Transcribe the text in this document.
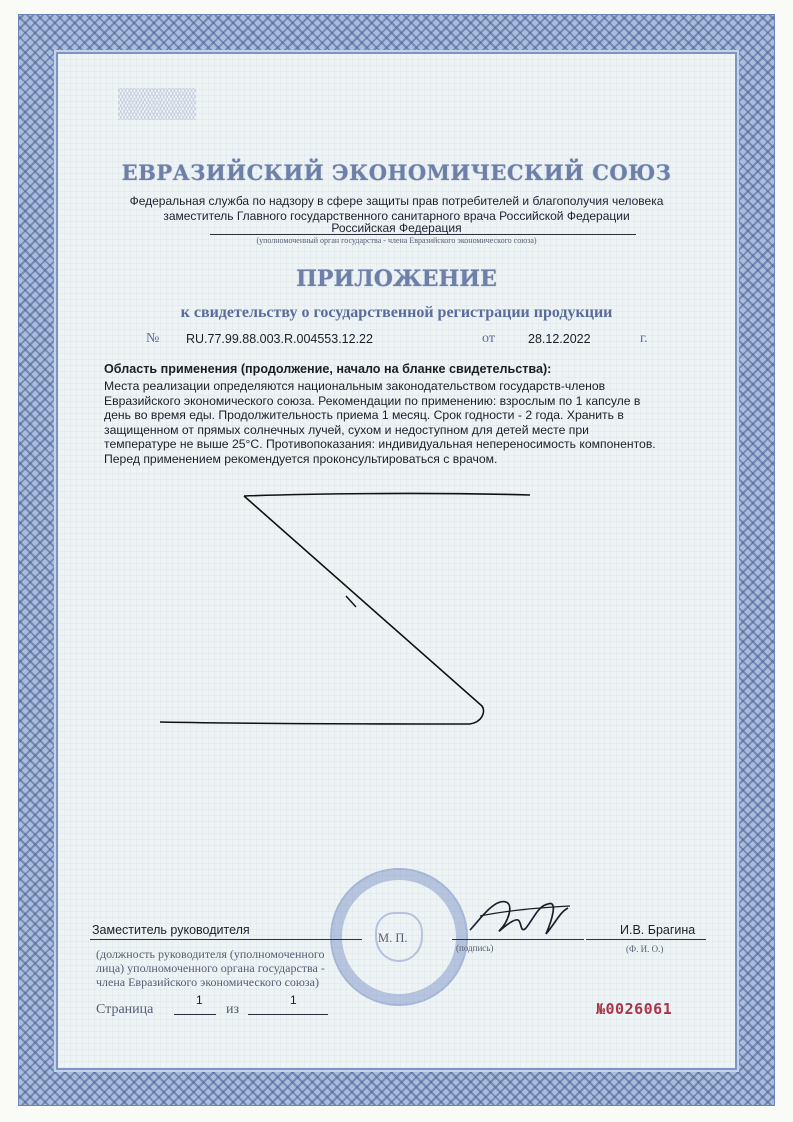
ЕВРАЗИЙСКИЙ ЭКОНОМИЧЕСКИЙ СОЮЗ
Федеральная служба по надзору в сфере защиты прав потребителей и благополучия человека
заместитель Главного государственного санитарного врача Российской Федерации
Российская Федерация
(уполномоченный орган государства - члена Евразийского экономического союза)
ПРИЛОЖЕНИЕ
к свидетельству о государственной регистрации продукции
№ RU.77.99.88.003.R.004553.12.22	от	28.12.2022	г.
Область применения (продолжение, начало на бланке свидетельства):
Места реализации определяются национальным законодательством государств-членов
Евразийского экономического союза. Рекомендации по применению: взрослым по 1 капсуле в
день во время еды. Продолжительность приема 1 месяц. Срок годности - 2 года. Хранить в
защищенном от прямых солнечных лучей, сухом и недоступном для детей месте при
температуре не выше 25°С. Противопоказания: индивидуальная непереносимость компонентов.
Перед применением рекомендуется проконсультироваться с врачом.
Заместитель руководителя
М. П.
(подпись)
И.В. Брагина
(Ф. И. О.)
(должность руководителя (уполномоченного
лица) уполномоченного органа государства -
члена Евразийского экономического союза)
Страница
1
из
1	№0026061
